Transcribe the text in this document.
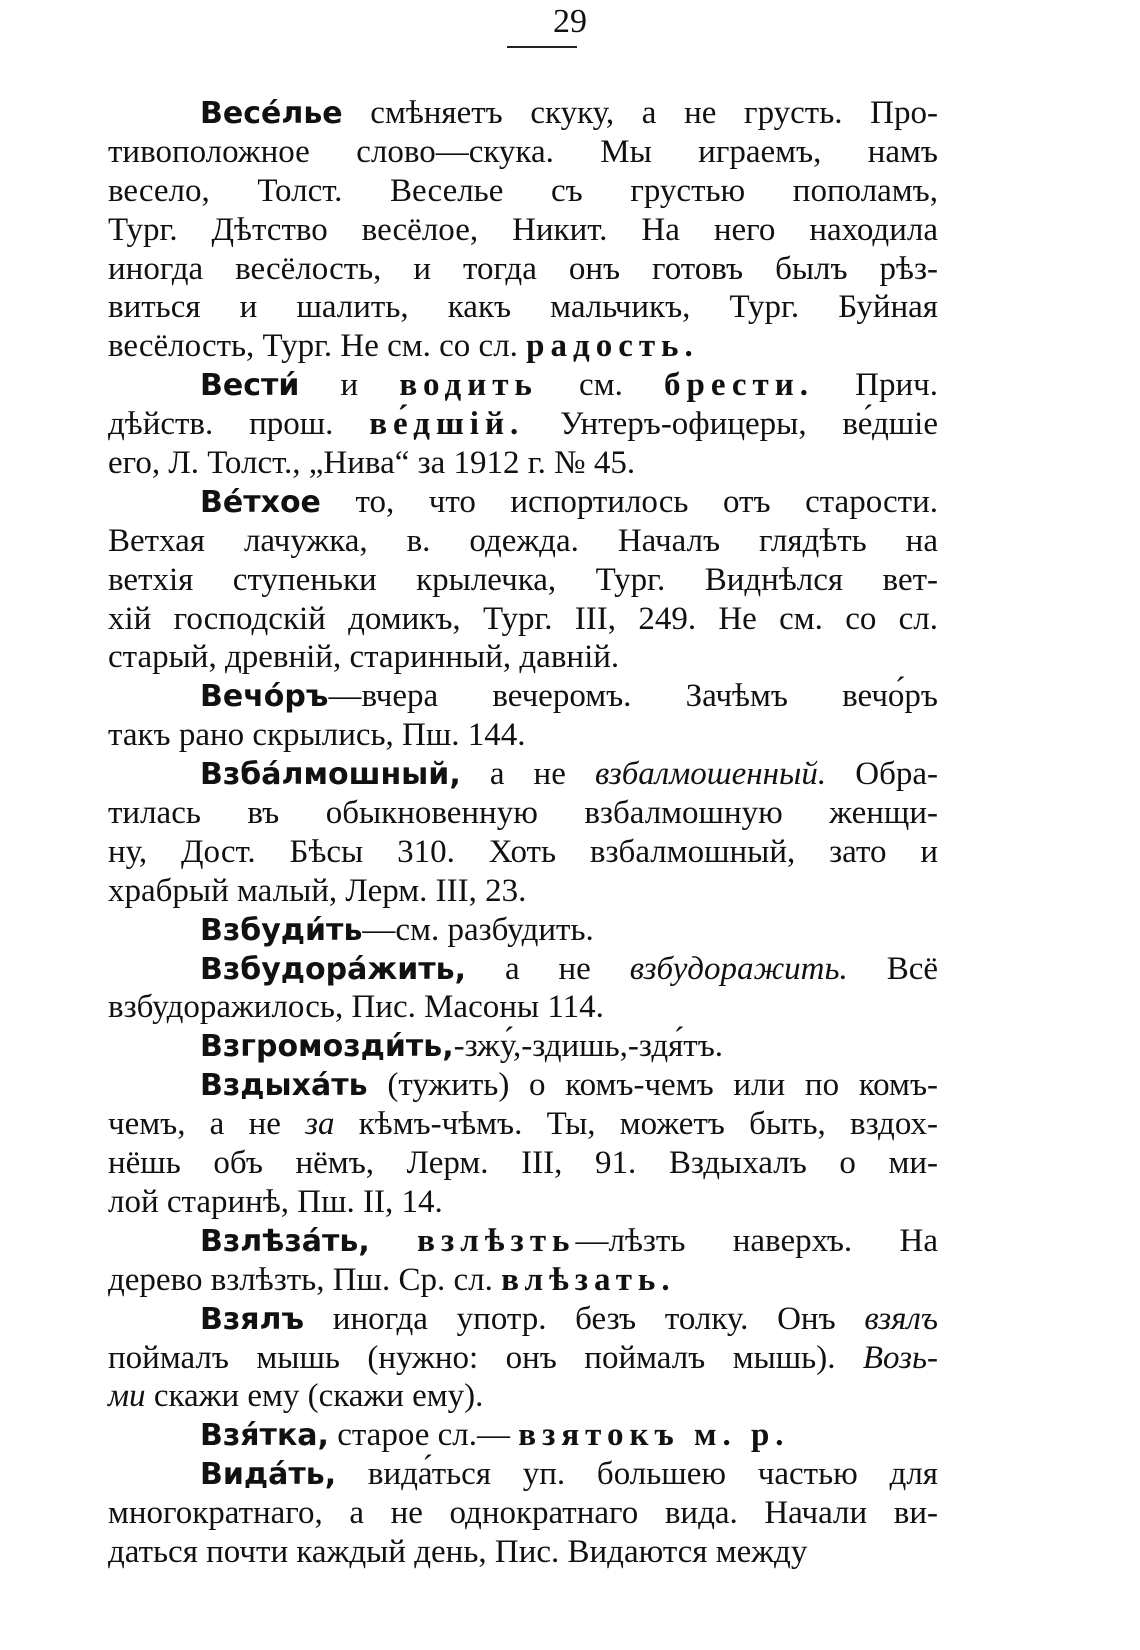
29
Весе́лье смѣняетъ скуку, а не грусть. Про-
тивоположное слово—скука. Мы играемъ, намъ
весело, Толст. Веселье съ грустью пополамъ,
Тург. Дѣтство весёлое, Никит. На него находила
иногда весёлость, и тогда онъ готовъ былъ рѣз-
виться и шалить, какъ мальчикъ, Тург. Буйная
весёлость, Тург. Не см. со сл. радость.
Вести́ и водить см. брести. Прич.
дѣйств. прош. ве́дшій. Унтеръ-офицеры, ве́дшіе
его, Л. Толст., „Нива“ за 1912 г. № 45.
Ве́тхое то, что испортилось отъ старости.
Ветхая лачужка, в. одежда. Началъ глядѣть на
ветхія ступеньки крылечка, Тург. Виднѣлся вет-
хій господскій домикъ, Тург. III, 249. Не см. со сл.
старый, древній, старинный, давній.
Вечо́ръ—вчера вечеромъ. Зачѣмъ вечо́ръ
такъ рано скрылись, Пш. 144.
Взба́лмошный, а не взбалмошенный. Обра-
тилась въ обыкновенную взбалмошную женщи-
ну, Дост. Бѣсы 310. Хоть взбалмошный, зато и
храбрый малый, Лерм. III, 23.
Взбуди́ть—см. разбудить.
Взбудора́жить, а не взбудоражить. Всё
взбудоражилось, Пис. Масоны 114.
Взгромозди́ть,-зжу́,-здишь,-здя́тъ.
Вздыха́ть (тужить) о комъ-чемъ или по комъ-
чемъ, а не за кѣмъ-чѣмъ. Ты, можетъ быть, вздох-
нёшь объ нёмъ, Лерм. III, 91. Вздыхалъ о ми-
лой старинѣ, Пш. II, 14.
Взлѣза́ть, взлѣзть—лѣзть наверхъ. На
дерево взлѣзть, Пш. Ср. сл. влѣзать.
Взялъ иногда употр. безъ толку. Онъ взялъ
поймалъ мышь (нужно: онъ поймалъ мышь). Возь-
ми скажи ему (скажи ему).
Взя́тка, старое сл.— взятокъ м. р.
Вида́ть, вида́ться уп. большею частью для
многократнаго, а не однократнаго вида. Начали ви-
даться почти каждый день, Пис. Видаются между
